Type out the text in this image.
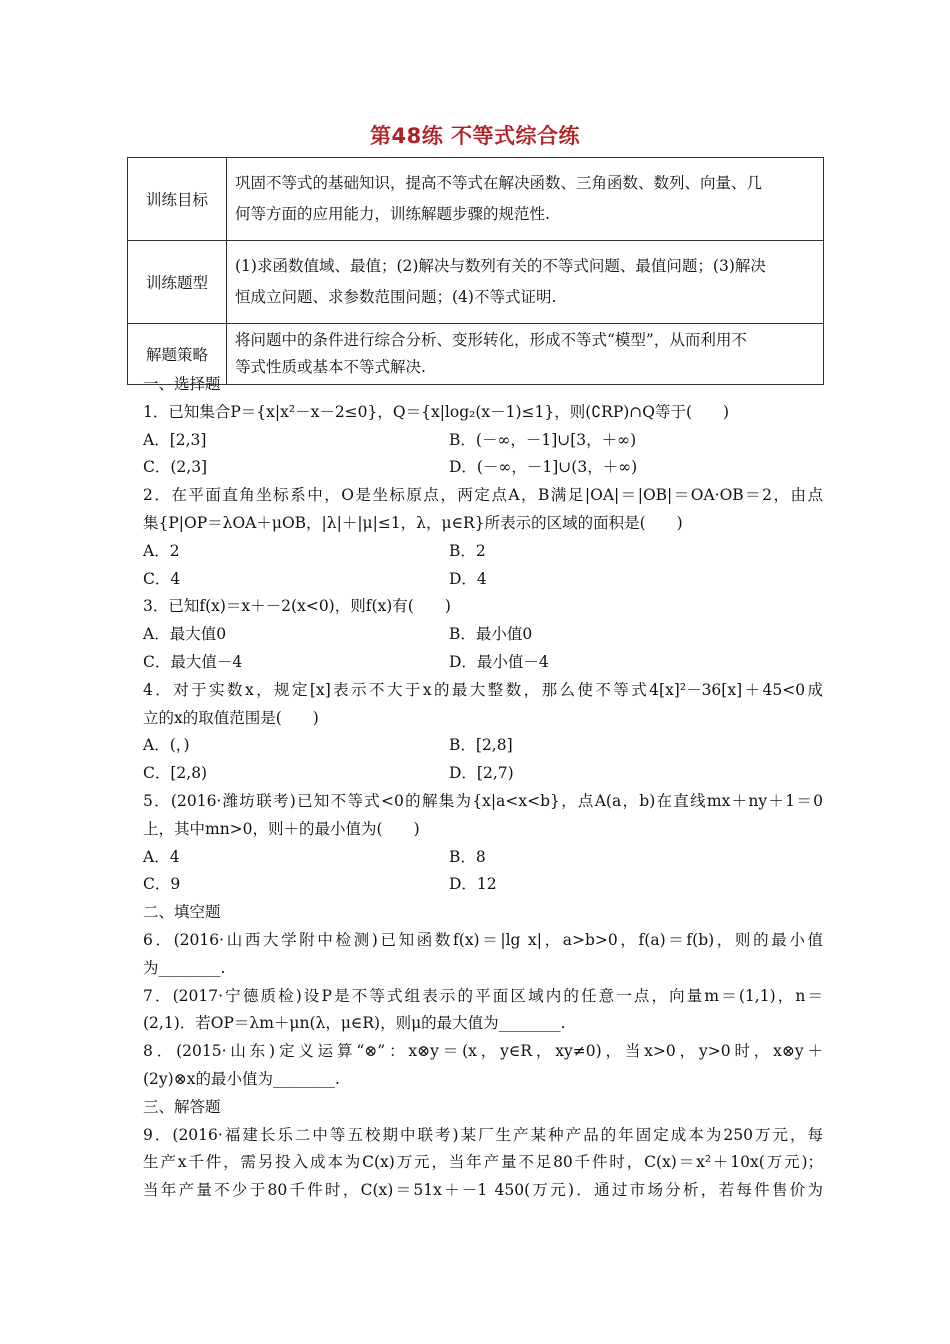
第48练 不等式综合练
训练目标	巩固不等式的基础知识，提高不等式在解决函数、三角函数、数列、向量、几
何等方面的应用能力，训练解题步骤的规范性.

训练题型	(1)求函数值域、最值；(2)解决与数列有关的不等式问题、最值问题；(3)解决
恒成立问题、求参数范围问题；(4)不等式证明.

解题策略	将问题中的条件进行综合分析、变形转化，形成不等式“模型”，从而利用不
等式性质或基本不等式解决.
一、选择题
1．已知集合P＝{x|x²－x－2≤0}，Q＝{x|log₂(x－1)≤1}，则(∁RP)∩Q等于(　　)
A．[2,3]	B．(－∞，－1]∪[3，＋∞)
C．(2,3]	D．(－∞，－1]∪(3，＋∞)
2．在平面直角坐标系中，O是坐标原点，两定点A，B满足|OA|＝|OB|＝OA·OB＝2，由点
集{P|OP＝λOA＋μOB，|λ|＋|μ|≤1，λ，μ∈R}所表示的区域的面积是(　　)
A．2	B．2
C．4	D．4
3．已知f(x)＝x＋－2(x<0)，则f(x)有(　　)
A．最大值0	B．最小值0
C．最大值－4	D．最小值－4
4．对于实数x，规定[x]表示不大于x的最大整数，那么使不等式4[x]²－36[x]＋45<0成
立的x的取值范围是(　　)
A．(，)	B．[2,8]
C．[2,8)	D．[2,7)
5．(2016·潍坊联考)已知不等式<0的解集为{x|a<x<b}，点A(a，b)在直线mx＋ny＋1＝0
上，其中mn>0，则＋的最小值为(　　)
A．4	B．8
C．9	D．12
二、填空题
6．(2016·山西大学附中检测)已知函数f(x)＝|lg x|，a>b>0，f(a)＝f(b)，则的最小值
为________.
7．(2017·宁德质检)设P是不等式组表示的平面区域内的任意一点，向量m＝(1,1)，n＝
(2,1)．若OP＝λm＋μn(λ，μ∈R)，则μ的最大值为________.
8．(2015·山东)定义运算“⊗”：x⊗y＝(x，y∈R，xy≠0)，当x>0，y>0时，x⊗y＋
(2y)⊗x的最小值为________.
三、解答题
9．(2016·福建长乐二中等五校期中联考)某厂生产某种产品的年固定成本为250万元，每
生产x千件，需另投入成本为C(x)万元，当年产量不足80千件时，C(x)＝x²＋10x(万元)；
当年产量不少于80千件时，C(x)＝51x＋－1 450(万元)．通过市场分析，若每件售价为
